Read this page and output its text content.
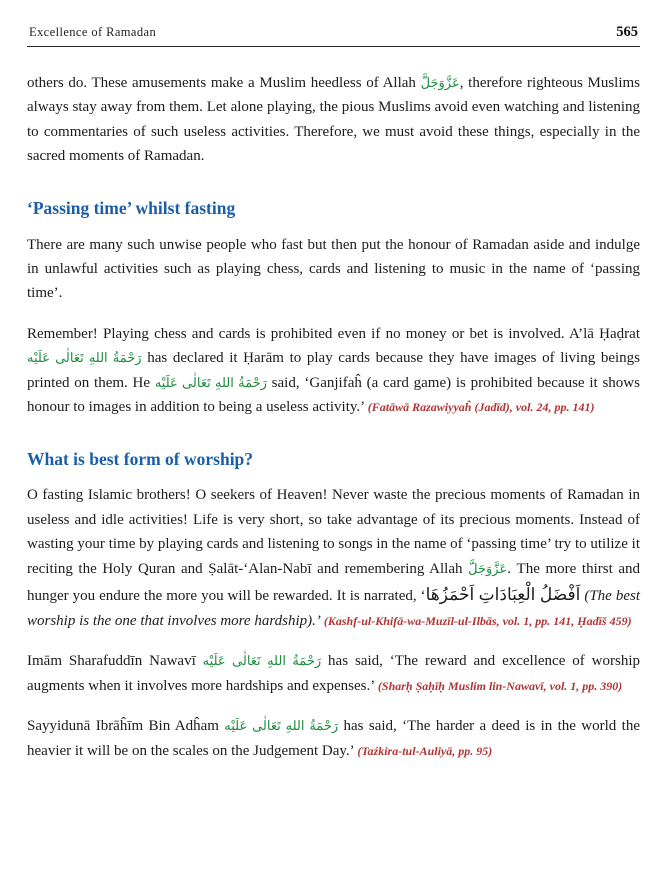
Excellence of Ramadan	565

others do. These amusements make a Muslim heedless of Allah عَزَّوَجَلَّ, therefore righteous Muslims always stay away from them. Let alone playing, the pious Muslims avoid even watching and listening to commentaries of such useless activities. Therefore, we must avoid these things, especially in the sacred moments of Ramadan.

‘Passing time’ whilst fasting

There are many such unwise people who fast but then put the honour of Ramadan aside and indulge in unlawful activities such as playing chess, cards and listening to music in the name of ‘passing time’.

Remember! Playing chess and cards is prohibited even if no money or bet is involved. A’lā Ḥaḍrat رَحْمَةُ اللهِ تَعَالٰی عَلَیْه has declared it Ḥarām to play cards because they have images of living beings printed on them. He رَحْمَةُ اللهِ تَعَالٰی عَلَیْه said, ‘Ganjifaĥ (a card game) is prohibited because it shows honour to images in addition to being a useless activity.’ (Fatāwā Razawiyyaĥ (Jadīd), vol. 24, pp. 141)

What is best form of worship?

O fasting Islamic brothers! O seekers of Heaven! Never waste the precious moments of Ramadan in useless and idle activities! Life is very short, so take advantage of its precious moments. Instead of wasting your time by playing cards and listening to songs in the name of ‘passing time’ try to utilize it reciting the Holy Quran and Ṣalāt-‘Alan-Nabī and remembering Allah عَزَّوَجَلَّ. The more thirst and hunger you endure the more you will be rewarded. It is narrated, ‘اَفْضَلُ الْعِبَادَاتِ اَحْمَزُهَا (The best worship is the one that involves more hardship).’ (Kashf-ul-Khifā-wa-Muzīl-ul-Ilbās, vol. 1, pp. 141, Ḥadīš 459)

Imām Sharafuddīn Nawavī رَحْمَةُ اللهِ تَعَالٰی عَلَیْه has said, ‘The reward and excellence of worship augments when it involves more hardships and expenses.’ (Sharḥ Ṣaḥīḥ Muslim lin-Nawavī, vol. 1, pp. 390)

Sayyidunā Ibrāĥīm Bin Adĥam رَحْمَةُ اللهِ تَعَالٰی عَلَیْه has said, ‘The harder a deed is in the world the heavier it will be on the scales on the Judgement Day.’ (Taźkira-tul-Auliyā, pp. 95)
